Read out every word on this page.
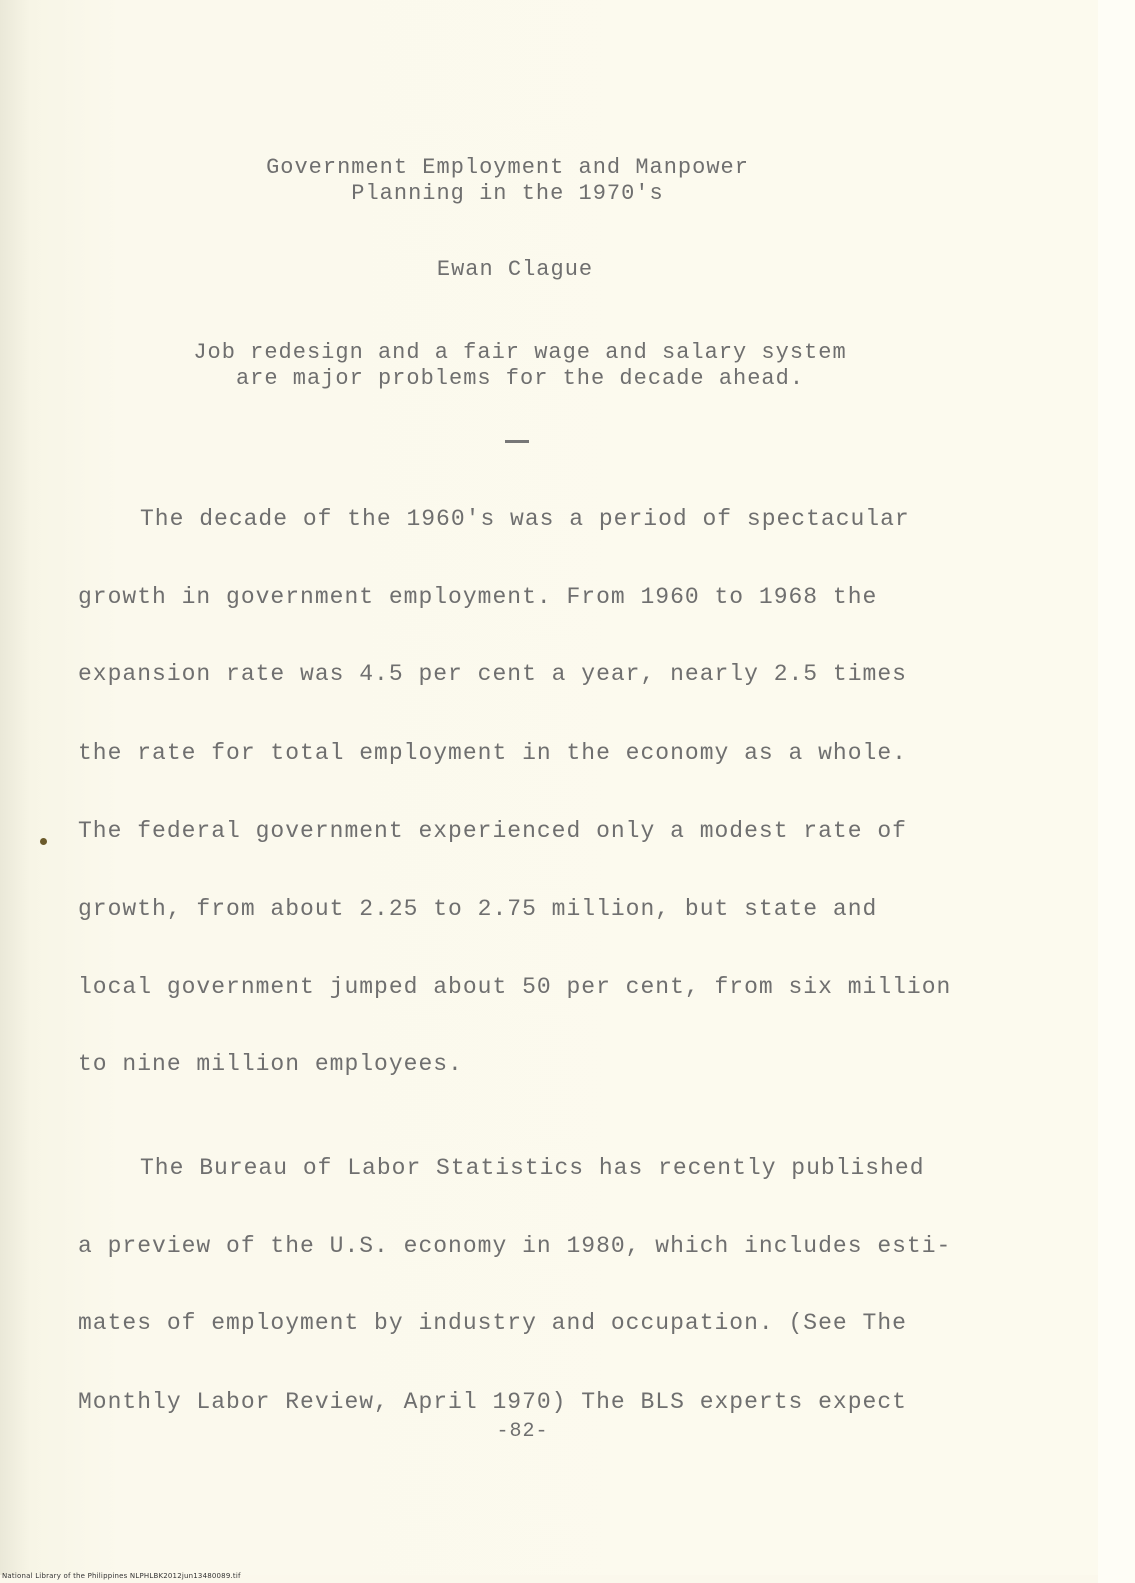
Government Employment and Manpower
Planning in the 1970's
Ewan Clague
Job redesign and a fair wage and salary system
are major problems for the decade ahead.
The decade of the 1960's was a period of spectacular
growth in government employment. From 1960 to 1968 the
expansion rate was 4.5 per cent a year, nearly 2.5 times
the rate for total employment in the economy as a whole.
The federal government experienced only a modest rate of
growth, from about 2.25 to 2.75 million, but state and
local government jumped about 50 per cent, from six million
to nine million employees.
The Bureau of Labor Statistics has recently published
a preview of the U.S. economy in 1980, which includes esti-
mates of employment by industry and occupation. (See The
Monthly Labor Review, April 1970) The BLS experts expect
-82-
National Library of the Philippines NLPHLBK2012jun13480089.tif
